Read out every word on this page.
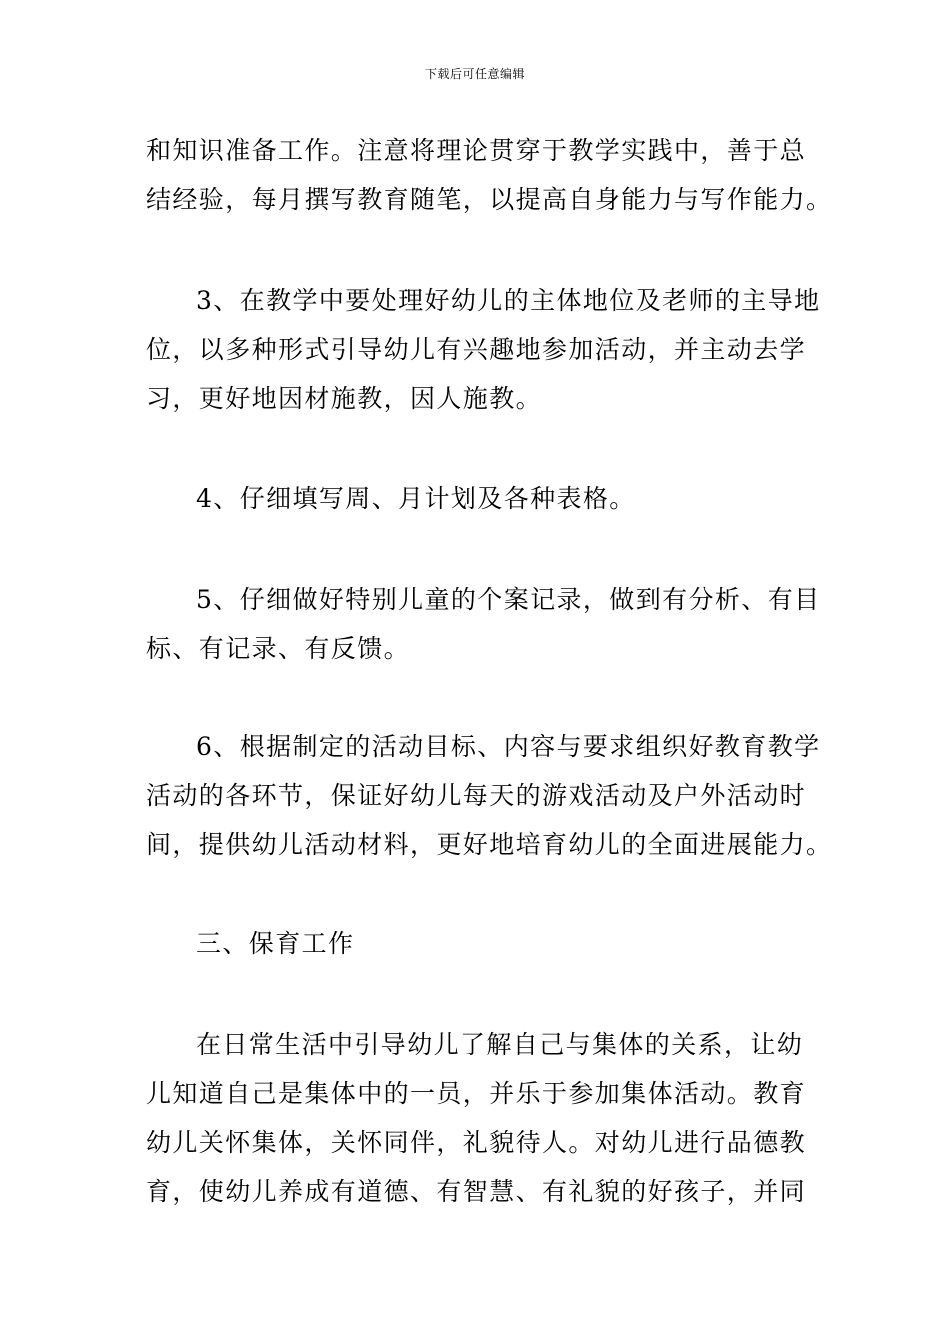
下载后可任意编辑
和知识准备工作。注意将理论贯穿于教学实践中，善于总
结经验，每月撰写教育随笔，以提高自身能力与写作能力。
3、在教学中要处理好幼儿的主体地位及老师的主导地
位，以多种形式引导幼儿有兴趣地参加活动，并主动去学
习，更好地因材施教，因人施教。
4、仔细填写周、月计划及各种表格。
5、仔细做好特别儿童的个案记录，做到有分析、有目
标、有记录、有反馈。
6、根据制定的活动目标、内容与要求组织好教育教学
活动的各环节，保证好幼儿每天的游戏活动及户外活动时
间，提供幼儿活动材料，更好地培育幼儿的全面进展能力。
三、保育工作
在日常生活中引导幼儿了解自己与集体的关系，让幼
儿知道自己是集体中的一员，并乐于参加集体活动。教育
幼儿关怀集体，关怀同伴，礼貌待人。对幼儿进行品德教
育，使幼儿养成有道德、有智慧、有礼貌的好孩子，并同
